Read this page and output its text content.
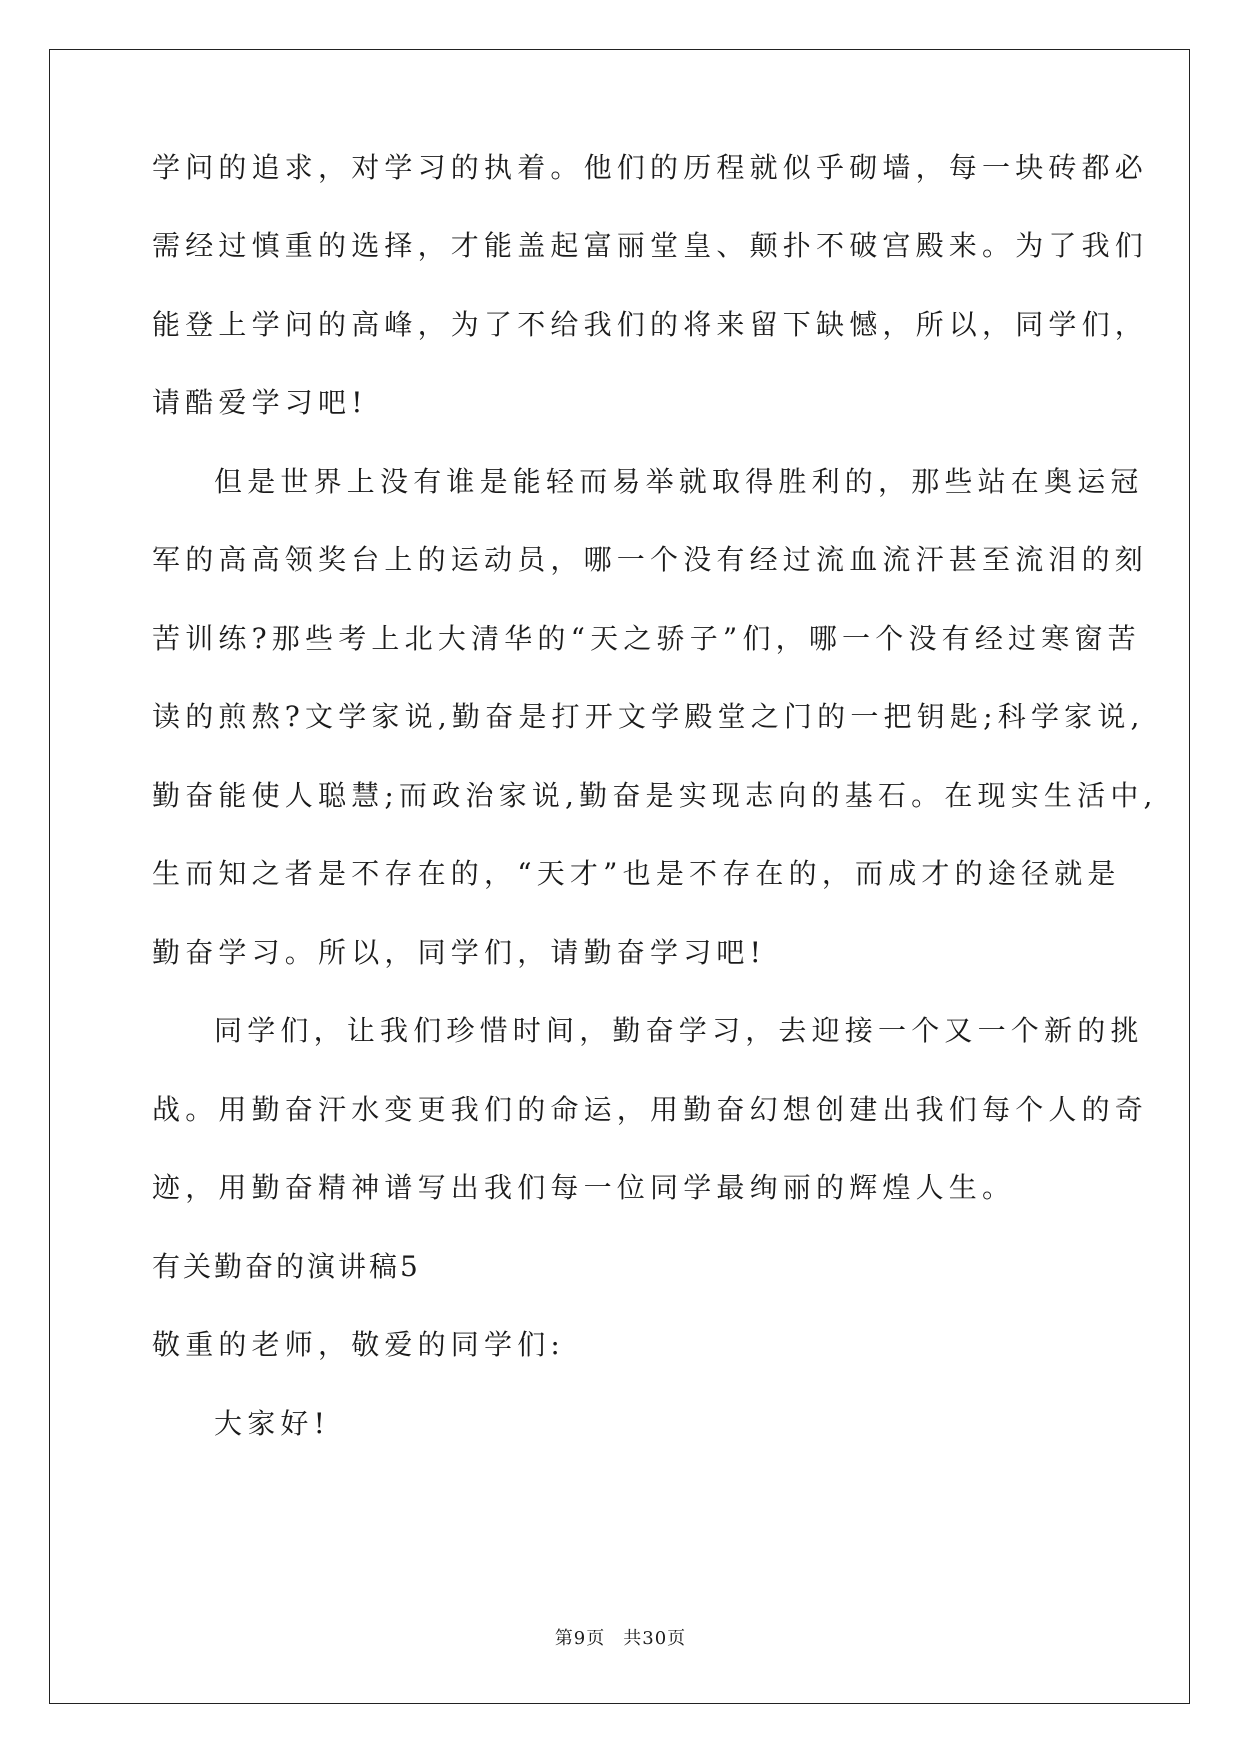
学问的追求，对学习的执着。他们的历程就似乎砌墙，每一块砖都必
需经过慎重的选择，才能盖起富丽堂皇、颠扑不破宫殿来。为了我们
能登上学问的高峰，为了不给我们的将来留下缺憾，所以，同学们，
请酷爱学习吧!
但是世界上没有谁是能轻而易举就取得胜利的，那些站在奥运冠
军的高高领奖台上的运动员，哪一个没有经过流血流汗甚至流泪的刻
苦训练?那些考上北大清华的“天之骄子”们，哪一个没有经过寒窗苦
读的煎熬?文学家说,勤奋是打开文学殿堂之门的一把钥匙;科学家说,
勤奋能使人聪慧;而政治家说,勤奋是实现志向的基石。在现实生活中,
生而知之者是不存在的，“天才”也是不存在的，而成才的途径就是
勤奋学习。所以，同学们，请勤奋学习吧!
同学们，让我们珍惜时间，勤奋学习，去迎接一个又一个新的挑
战。用勤奋汗水变更我们的命运，用勤奋幻想创建出我们每个人的奇
迹，用勤奋精神谱写出我们每一位同学最绚丽的辉煌人生。
有关勤奋的演讲稿5
敬重的老师，敬爱的同学们:
大家好!
第9页 共30页
